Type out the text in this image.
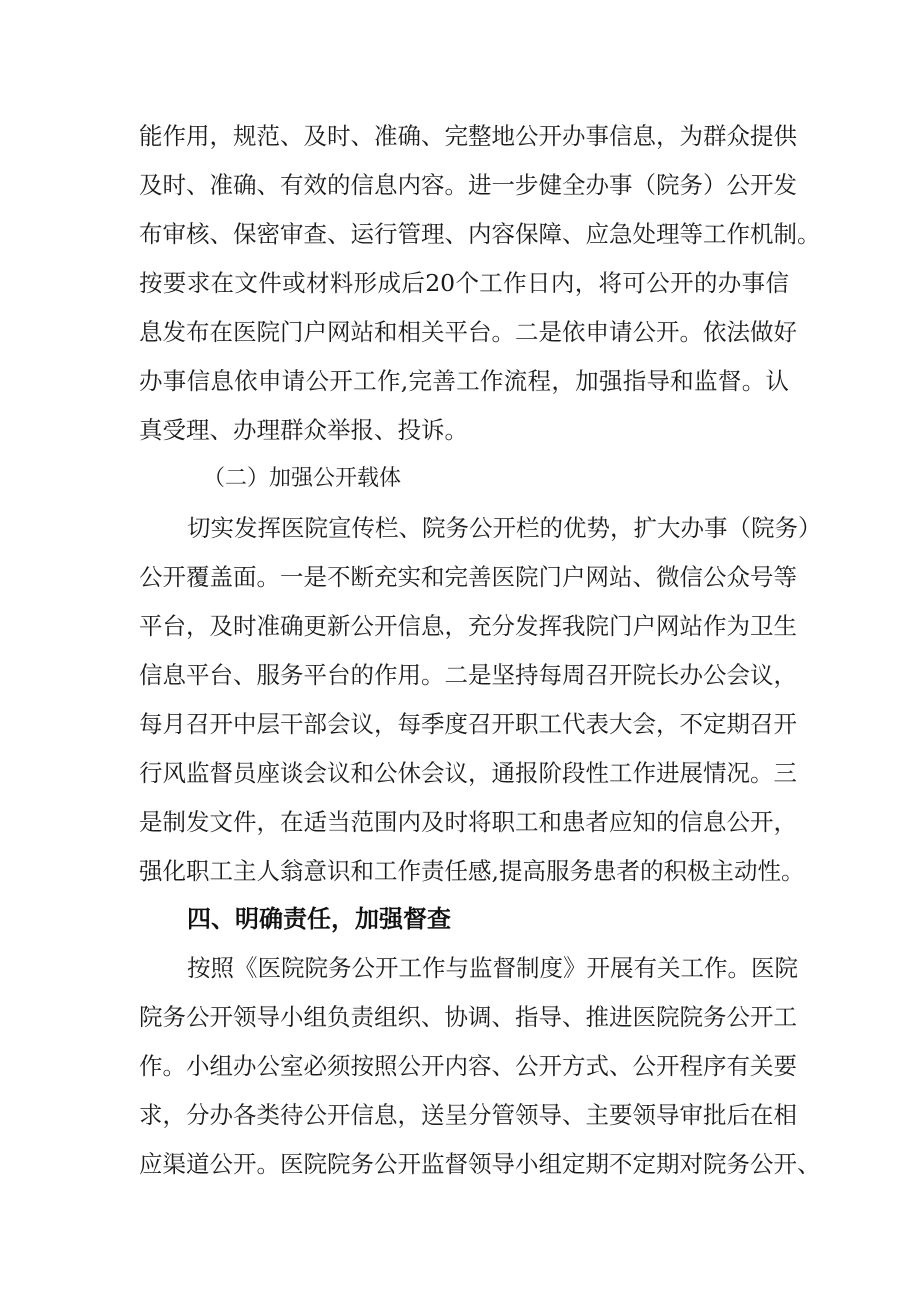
能作用，规范、及时、准确、完整地公开办事信息，为群众提供
及时、准确、有效的信息内容。进一步健全办事（院务）公开发
布审核、保密审查、运行管理、内容保障、应急处理等工作机制。
按要求在文件或材料形成后20个工作日内，将可公开的办事信
息发布在医院门户网站和相关平台。二是依申请公开。依法做好
办事信息依申请公开工作,完善工作流程，加强指导和监督。认
真受理、办理群众举报、投诉。
（二）加强公开载体
切实发挥医院宣传栏、院务公开栏的优势，扩大办事（院务）
公开覆盖面。一是不断充实和完善医院门户网站、微信公众号等
平台，及时准确更新公开信息，充分发挥我院门户网站作为卫生
信息平台、服务平台的作用。二是坚持每周召开院长办公会议，
每月召开中层干部会议，每季度召开职工代表大会，不定期召开
行风监督员座谈会议和公休会议，通报阶段性工作进展情况。三
是制发文件，在适当范围内及时将职工和患者应知的信息公开，
强化职工主人翁意识和工作责任感,提高服务患者的积极主动性。
四、明确责任，加强督查
按照《医院院务公开工作与监督制度》开展有关工作。医院
院务公开领导小组负责组织、协调、指导、推进医院院务公开工
作。小组办公室必须按照公开内容、公开方式、公开程序有关要
求，分办各类待公开信息，送呈分管领导、主要领导审批后在相
应渠道公开。医院院务公开监督领导小组定期不定期对院务公开、
